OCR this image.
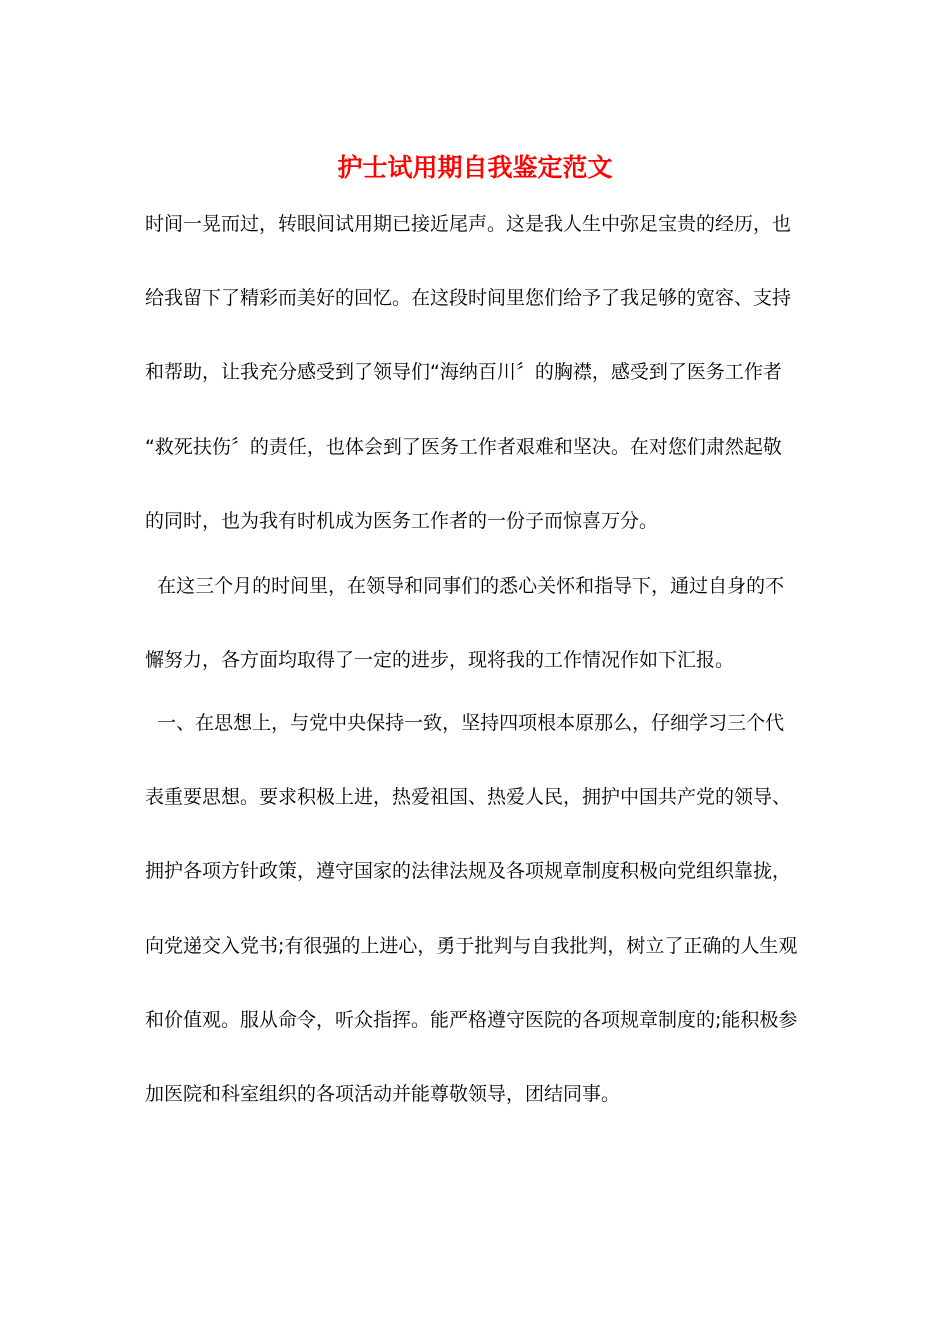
护士试用期自我鉴定范文

时间一晃而过，转眼间试用期已接近尾声。这是我人生中弥足宝贵的经历，也

给我留下了精彩而美好的回忆。在这段时间里您们给予了我足够的宽容、支持

和帮助，让我充分感受到了领导们“海纳百川〞的胸襟，感受到了医务工作者

“救死扶伤〞的责任，也体会到了医务工作者艰难和坚决。在对您们肃然起敬

的同时，也为我有时机成为医务工作者的一份子而惊喜万分。

在这三个月的时间里，在领导和同事们的悉心关怀和指导下，通过自身的不

懈努力，各方面均取得了一定的进步，现将我的工作情况作如下汇报。

一、在思想上，与党中央保持一致，坚持四项根本原那么，仔细学习三个代

表重要思想。要求积极上进，热爱祖国、热爱人民，拥护中国共产党的领导、

拥护各项方针政策，遵守国家的法律法规及各项规章制度积极向党组织靠拢，

向党递交入党书;有很强的上进心，勇于批判与自我批判，树立了正确的人生观

和价值观。服从命令，听众指挥。能严格遵守医院的各项规章制度的;能积极参

加医院和科室组织的各项活动并能尊敬领导，团结同事。
